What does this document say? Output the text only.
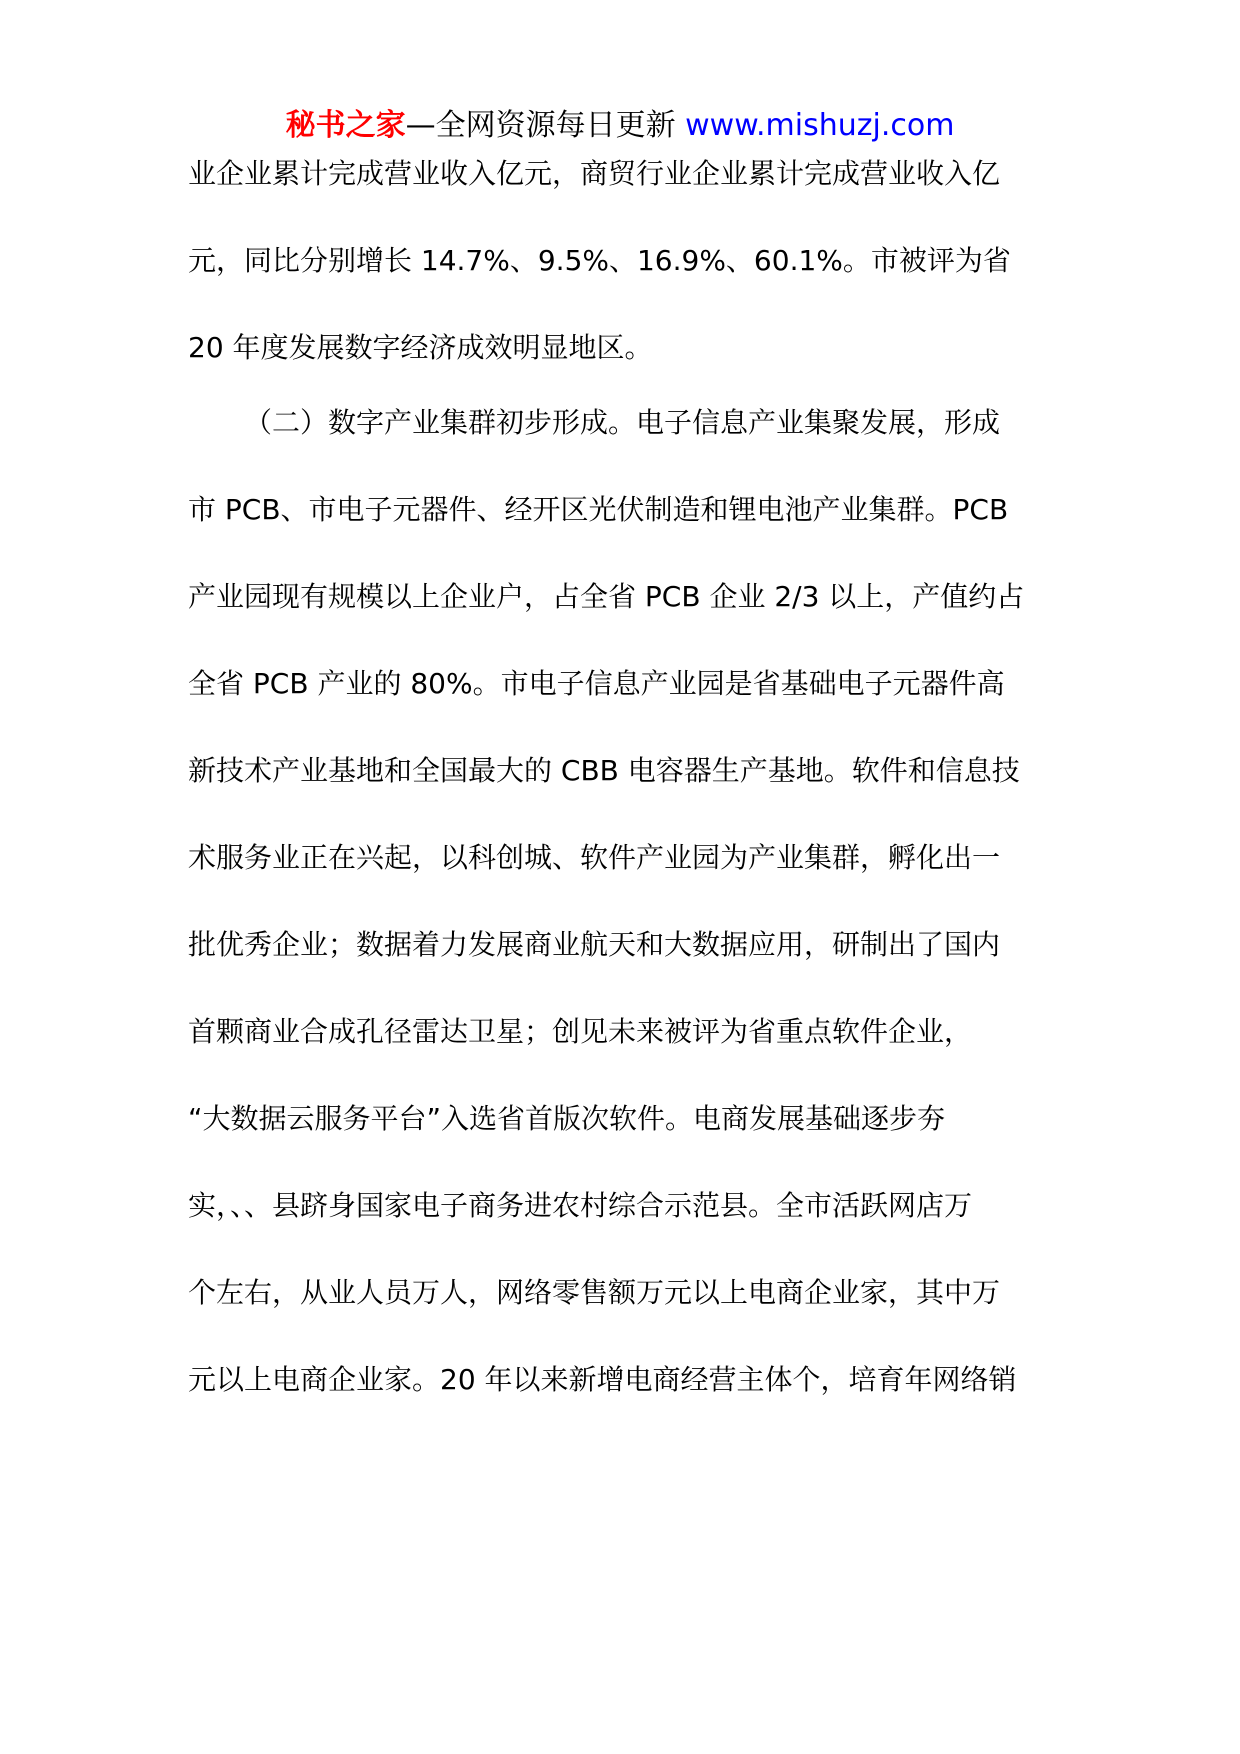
秘书之家—全网资源每日更新 www.mishuzj.com
业企业累计完成营业收入亿元，商贸行业企业累计完成营业收入亿
元，同比分别增长 14.7%、9.5%、16.9%、60.1%。市被评为省
20 年度发展数字经济成效明显地区。
（二）数字产业集群初步形成。电子信息产业集聚发展，形成
市 PCB、市电子元器件、经开区光伏制造和锂电池产业集群。PCB
产业园现有规模以上企业户，占全省 PCB 企业 2/3 以上，产值约占
全省 PCB 产业的 80%。市电子信息产业园是省基础电子元器件高
新技术产业基地和全国最大的 CBB 电容器生产基地。软件和信息技
术服务业正在兴起，以科创城、软件产业园为产业集群，孵化出一
批优秀企业；数据着力发展商业航天和大数据应用，研制出了国内
首颗商业合成孔径雷达卫星；创见未来被评为省重点软件企业，
“大数据云服务平台”入选省首版次软件。电商发展基础逐步夯
实，、、县跻身国家电子商务进农村综合示范县。全市活跃网店万
个左右，从业人员万人，网络零售额万元以上电商企业家，其中万
元以上电商企业家。20 年以来新增电商经营主体个，培育年网络销
